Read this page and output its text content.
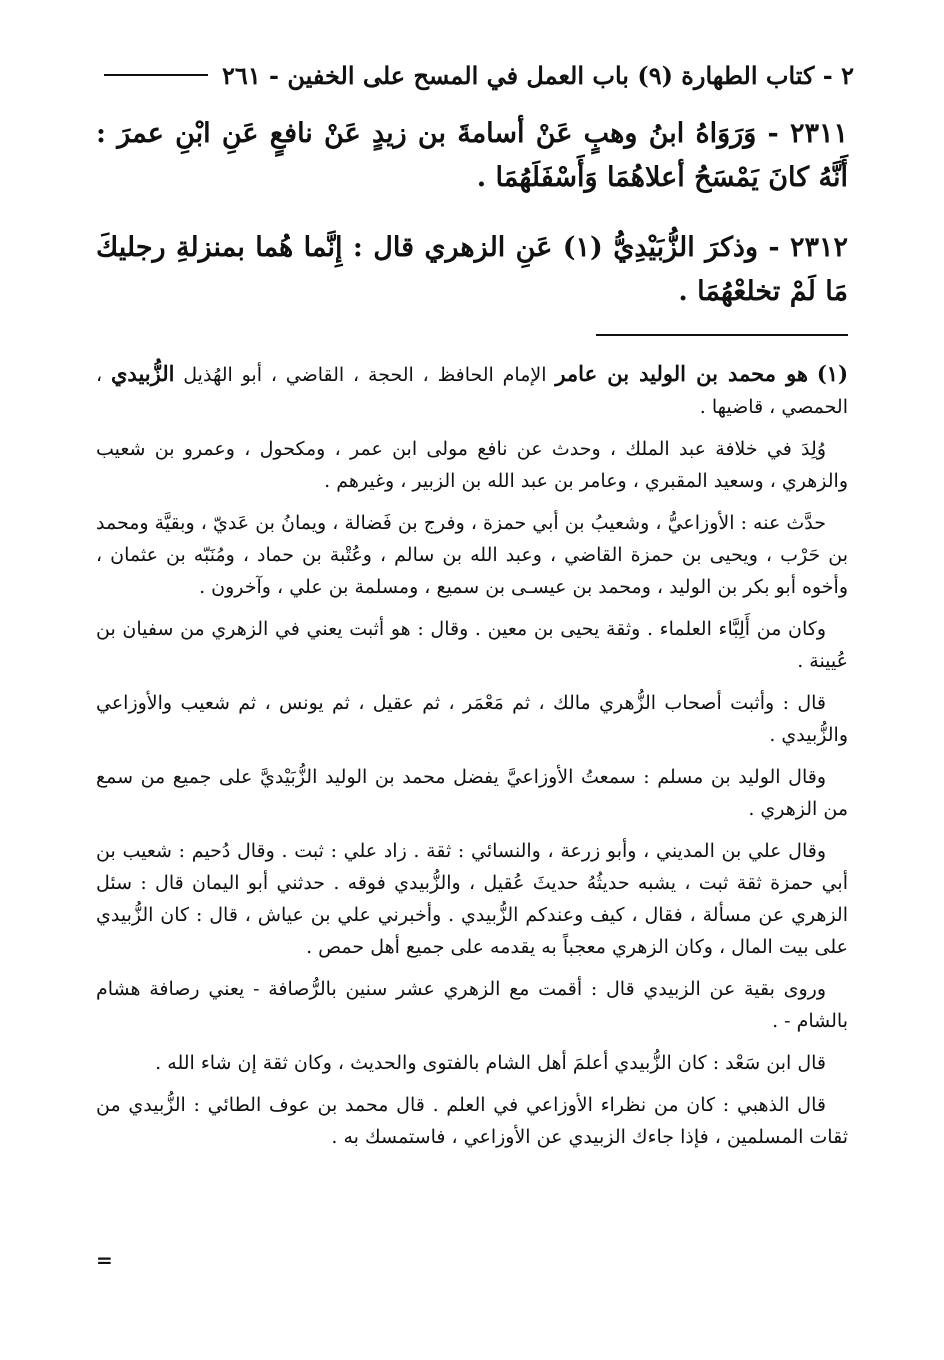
٢ - كتاب الطهارة (٩) باب العمل في المسح على الخفين - ٢٦١
٢٣١١ - وَرَوَاهُ ابنُ وهبٍ عَنْ أسامةَ بن زيدٍ عَنْ نافعٍ عَنِ ابْنِ عمرَ : أَنَّهُ كانَ يَمْسَحُ أعلاهُمَا وَأَسْفَلَهُمَا .
٢٣١٢ - وذكرَ الزُّبَيْدِيُّ (١) عَنِ الزهري قال : إِنَّما هُما بمنزلةِ رجليكَ مَا لَمْ تخلعْهُمَا .

(١) هو محمد بن الوليد بن عامر الإمام الحافظ ، الحجة ، القاضي ، أبو الهُذيل الزُّبيدي ، الحمصي ، قاضيها .

وُلِدَ في خلافة عبد الملك ، وحدث عن نافع مولى ابن عمر ، ومكحول ، وعمرو بن شعيب والزهري ، وسعيد المقبري ، وعامر بن عبد الله بن الزبير ، وغيرهم .

حدَّث عنه : الأوزاعيُّ ، وشعيبُ بن أبي حمزة ، وفرج بن فَضالة ، ويمانُ بن عَديّ ، وبقيَّة ومحمد بن حَرْب ، ويحيى بن حمزة القاضي ، وعبد الله بن سالم ، وعُتْبة بن حماد ، ومُنَبّه بن عثمان ، وأخوه أبو بكر بن الوليد ، ومحمد بن عيسـى بن سميع ، ومسلمة بن علي ، وآخرون .

وكان من أَلِبَّاء العلماء . وثقة يحيى بن معين . وقال : هو أثبت يعني في الزهري من سفيان بن عُيينة .

قال : وأثبت أصحاب الزُّهري مالك ، ثم مَعْمَر ، ثم عقيل ، ثم يونس ، ثم شعيب والأوزاعي والزُّبيدي .

وقال الوليد بن مسلم : سمعتُ الأوزاعيَّ يفضل محمد بن الوليد الزُّبَيْديَّ على جميع من سمع من الزهري .

وقال علي بن المديني ، وأبو زرعة ، والنسائي : ثقة . زاد علي : ثبت . وقال دُحيم : شعيب بن أبي حمزة ثقة ثبت ، يشبه حديثُهُ حديثَ عُقيل ، والزُّبيدي فوقه . حدثني أبو اليمان قال : سئل الزهري عن مسألة ، فقال ، كيف وعندكم الزُّبيدي . وأخبرني علي بن عياش ، قال : كان الزُّبيدي على بيت المال ، وكان الزهري معجباً به يقدمه على جميع أهل حمص .

وروى بقية عن الزبيدي قال : أقمت مع الزهري عشر سنين بالرُّصافة - يعني رصافة هشام بالشام - .

قال ابن سَعْد : كان الزُّبيدي أعلمَ أهل الشام بالفتوى والحديث ، وكان ثقة إن شاء الله .

قال الذهبي : كان من نظراء الأوزاعي في العلم . قال محمد بن عوف الطائي : الزُّبيدي من ثقات المسلمين ، فإذا جاءك الزبيدي عن الأوزاعي ، فاستمسك به .

=
